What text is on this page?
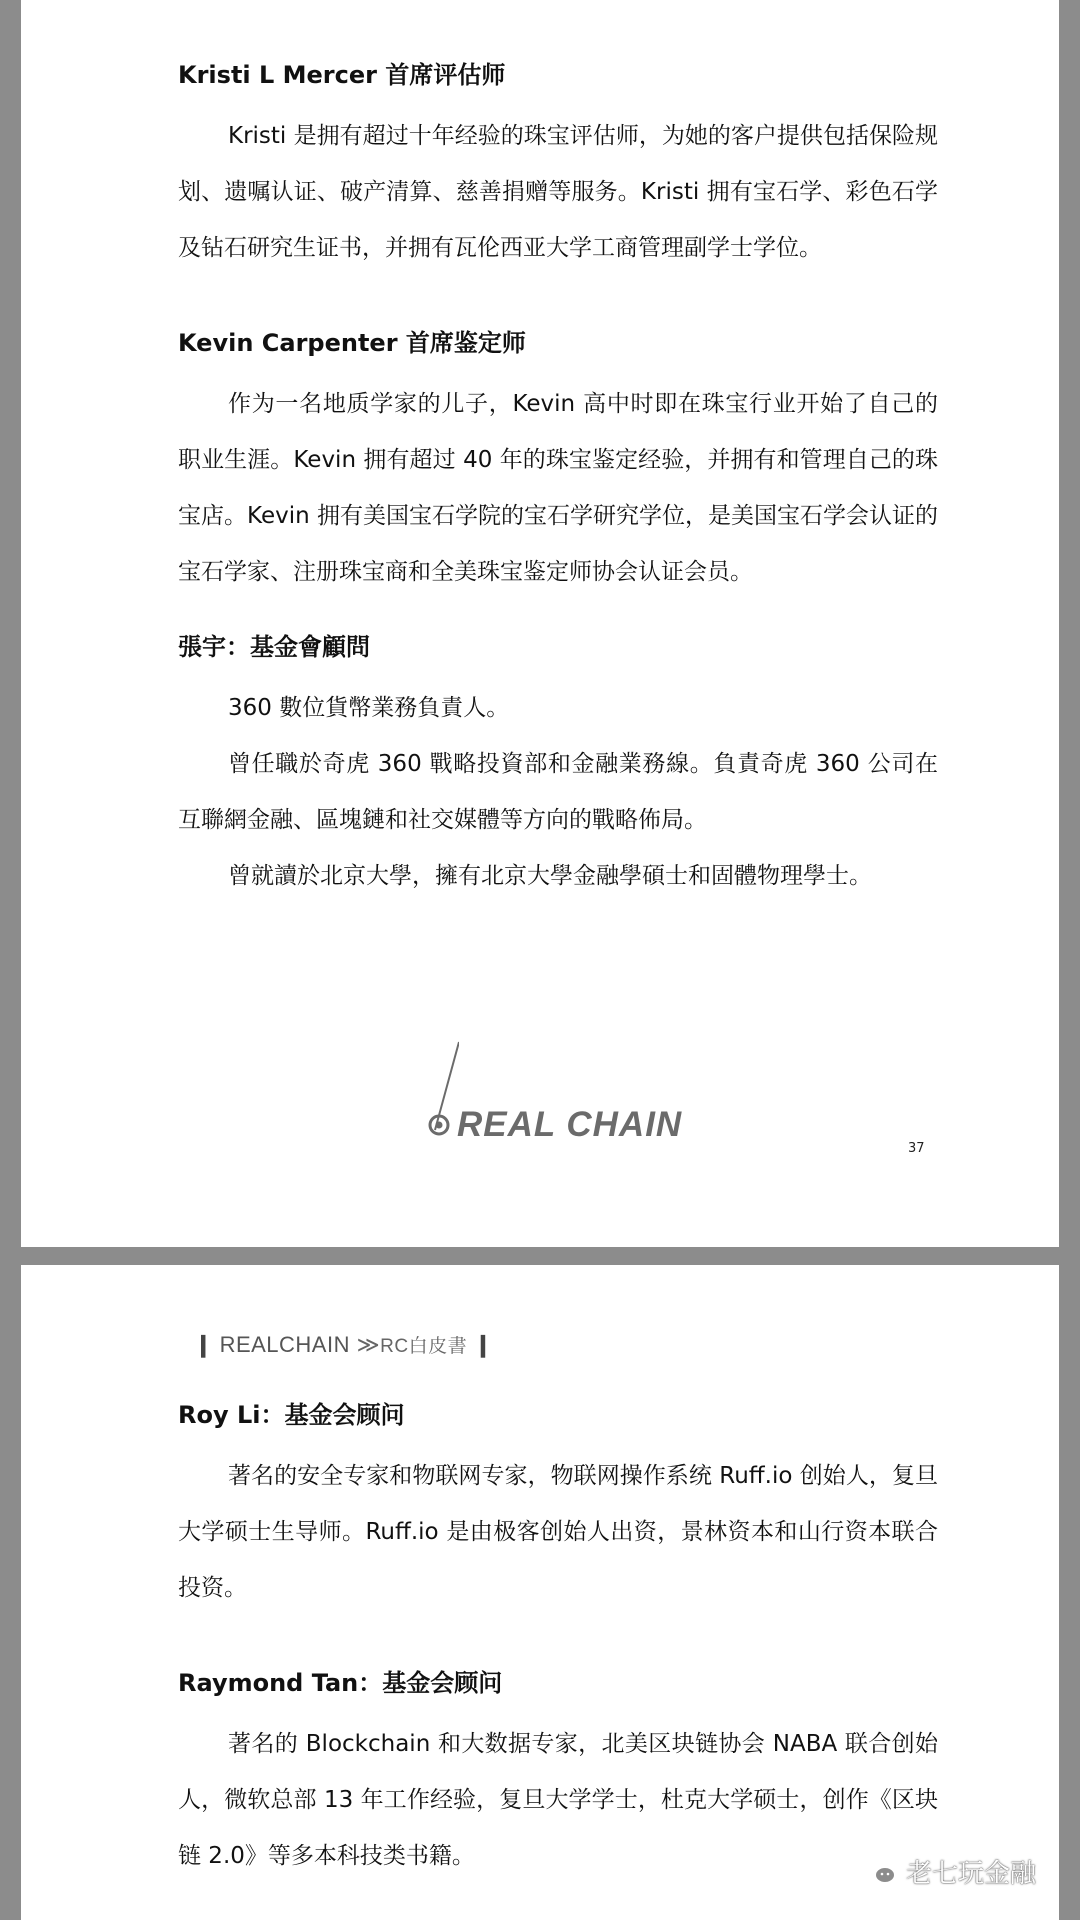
Kristi L Mercer 首席评估师

Kristi 是拥有超过十年经验的珠宝评估师，为她的客户提供包括保险规划、遗嘱认证、破产清算、慈善捐赠等服务。Kristi 拥有宝石学、彩色石学及钻石研究生证书，并拥有瓦伦西亚大学工商管理副学士学位。

Kevin Carpenter 首席鉴定师

作为一名地质学家的儿子，Kevin 高中时即在珠宝行业开始了自己的职业生涯。Kevin 拥有超过 40 年的珠宝鉴定经验，并拥有和管理自己的珠宝店。Kevin 拥有美国宝石学院的宝石学研究学位，是美国宝石学会认证的宝石学家、注册珠宝商和全美珠宝鉴定师协会认证会员。

張宇：基金會顧問

360 數位貨幣業務負責人。

曾任職於奇虎 360 戰略投資部和金融業務線。負責奇虎 360 公司在互聯網金融、區塊鏈和社交媒體等方向的戰略佈局。

曾就讀於北京大學，擁有北京大學金融學碩士和固體物理學士。

REAL CHAIN
37
❙ REALCHAIN ≫RC白皮書 ❙

Roy Li：基金会顾问

著名的安全专家和物联网专家，物联网操作系统 Ruff.io 创始人，复旦大学硕士生导师。Ruff.io 是由极客创始人出资，景林资本和山行资本联合投资。

Raymond Tan：基金会顾问

著名的 Blockchain 和大数据专家，北美区块链协会 NABA 联合创始人，微软总部 13 年工作经验，复旦大学学士，杜克大学硕士，创作《区块链 2.0》等多本科技类书籍。

老七玩金融
